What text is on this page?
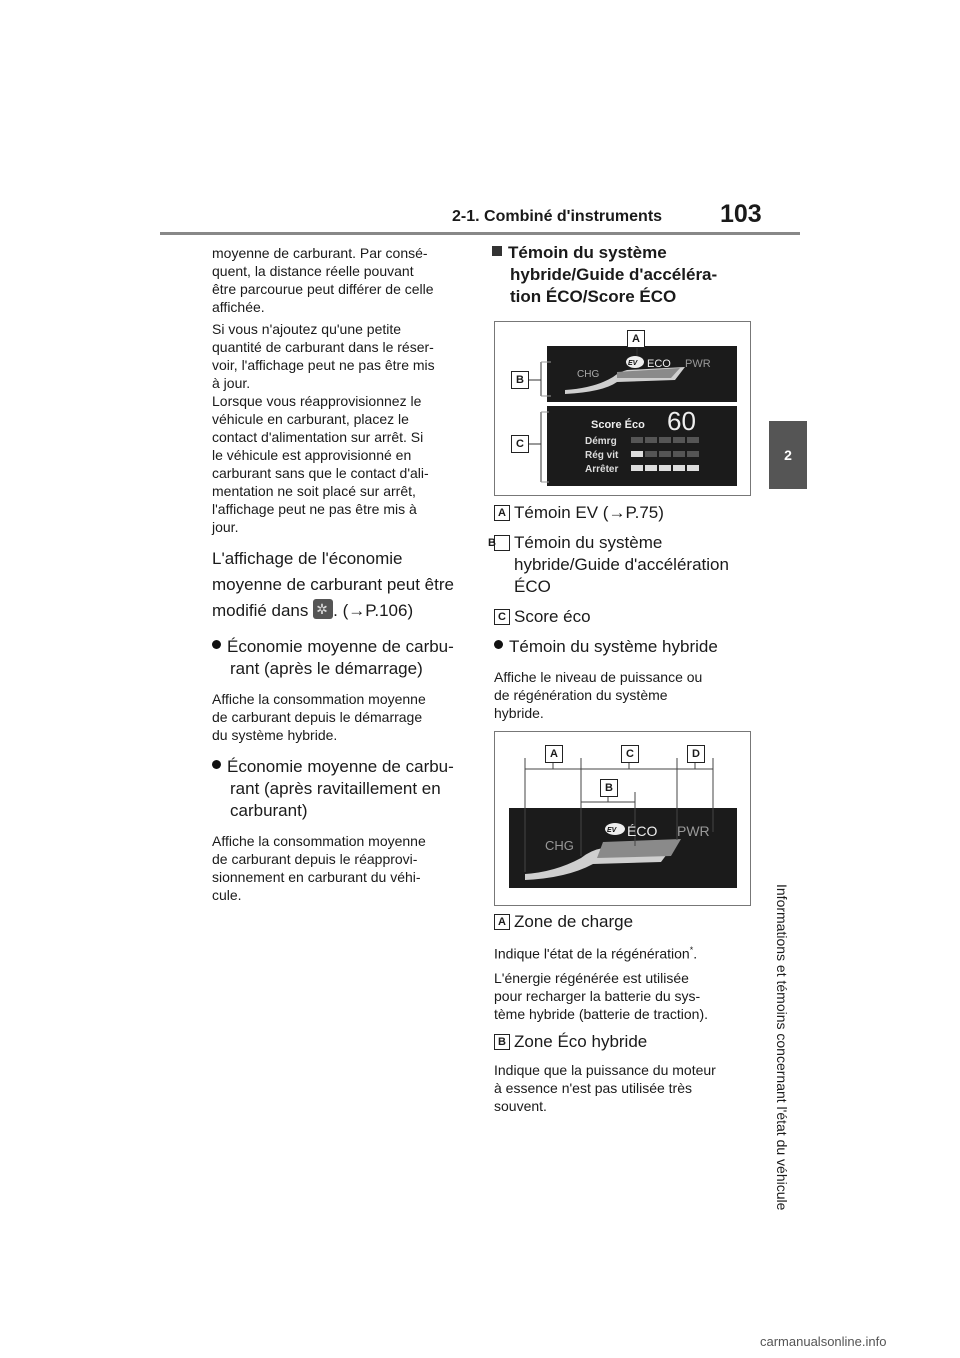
2-1. Combiné d'instruments 103
2
Informations et témoins concernant l'état du véhicule

moyenne de carburant. Par consé-
quent, la distance réelle pouvant
être parcourue peut différer de celle
affichée.

Si vous n'ajoutez qu'une petite
quantité de carburant dans le réser-
voir, l'affichage peut ne pas être mis
à jour.

Lorsque vous réapprovisionnez le
véhicule en carburant, placez le
contact d'alimentation sur arrêt. Si
le véhicule est approvisionné en
carburant sans que le contact d'ali-
mentation ne soit placé sur arrêt,
l'affichage peut ne pas être mis à
jour.

L'affichage de l'économie
moyenne de carburant peut être
modifié dans ✲ . (→P.106)

Économie moyenne de carbu-
rant (après le démarrage)

Affiche la consommation moyenne
de carburant depuis le démarrage
du système hybride.

Économie moyenne de carbu-
rant (après ravitaillement en
carburant)

Affiche la consommation moyenne
de carburant depuis le réapprovi-
sionnement en carburant du véhi-
cule.

Témoin du système
hybride/Guide d'accéléra-
tion ÉCO/Score ÉCO

EV ECO PWR
CHG
Score Éco 60
Démrg
Rég vit
Arrêter
A
B
C

A Témoin EV (→P.75)

B Témoin du système
hybride/Guide d'accélération
ÉCO

C Score éco

Témoin du système hybride

Affiche le niveau de puissance ou
de régénération du système
hybride.

EV ÉCO PWR
CHG
A	C	D
B

A Zone de charge

Indique l'état de la régénération*.

L'énergie régénérée est utilisée
pour recharger la batterie du sys-
tème hybride (batterie de traction).

B Zone Éco hybride

Indique que la puissance du moteur
à essence n'est pas utilisée très
souvent.

carmanualsonline.info
